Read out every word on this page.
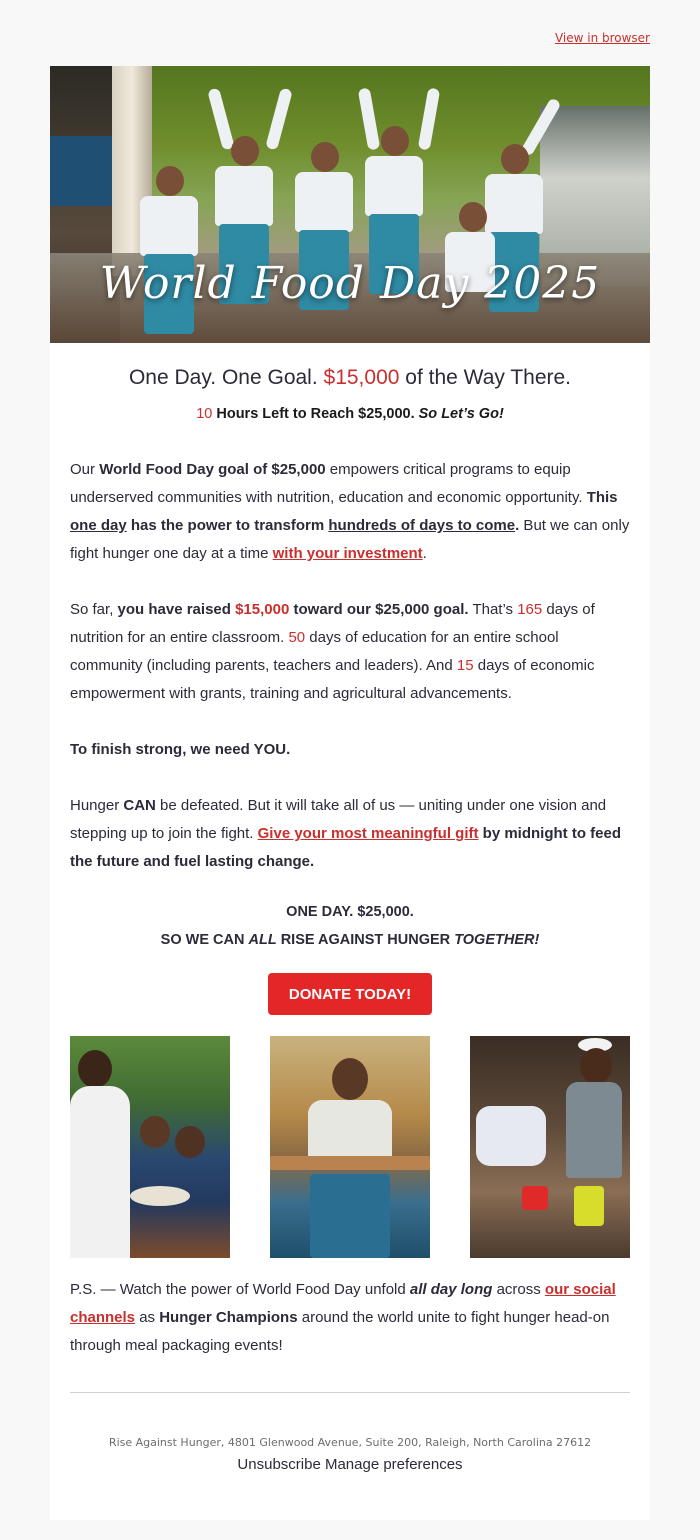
View in browser
World Food Day 2025
One Day. One Goal. $15,000 of the Way There.
10 Hours Left to Reach $25,000. So Let’s Go!
Our World Food Day goal of $25,000 empowers critical programs to equip underserved communities with nutrition, education and economic opportunity. This one day has the power to transform hundreds of days to come. But we can only fight hunger one day at a time with your investment.
So far, you have raised $15,000 toward our $25,000 goal. That’s 165 days of nutrition for an entire classroom. 50 days of education for an entire school community (including parents, teachers and leaders). And 15 days of economic empowerment with grants, training and agricultural advancements.
To finish strong, we need YOU.
Hunger CAN be defeated. But it will take all of us — uniting under one vision and stepping up to join the fight. Give your most meaningful gift by midnight to feed the future and fuel lasting change.
ONE DAY. $25,000.
SO WE CAN ALL RISE AGAINST HUNGER TOGETHER!
DONATE TODAY!
P.S. — Watch the power of World Food Day unfold all day long across our social channels as Hunger Champions around the world unite to fight hunger head-on through meal packaging events!
Rise Against Hunger, 4801 Glenwood Avenue, Suite 200, Raleigh, North Carolina 27612
Unsubscribe Manage preferences
